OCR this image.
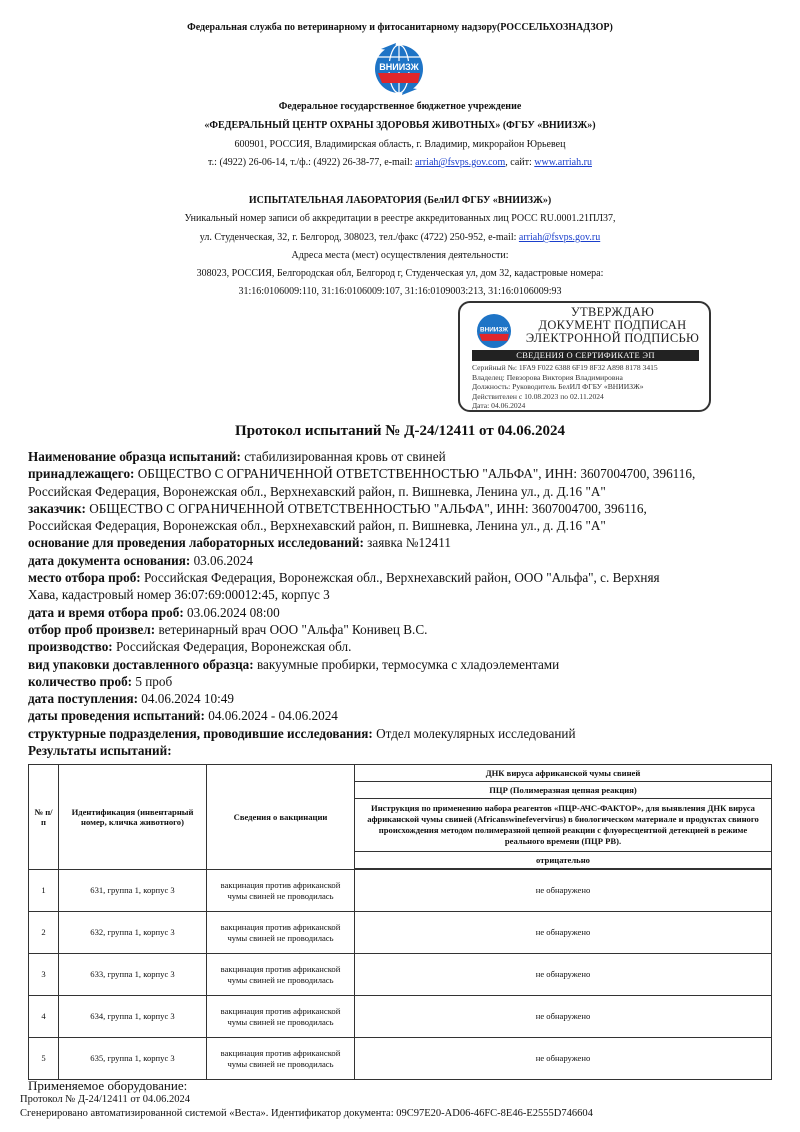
Федеральная служба по ветеринарному и фитосанитарному надзору(РОССЕЛЬХОЗНАДЗОР)
ВНИИЗЖ
Федеральное государственное бюджетное учреждение
«ФЕДЕРАЛЬНЫЙ ЦЕНТР ОХРАНЫ ЗДОРОВЬЯ ЖИВОТНЫХ» (ФГБУ «ВНИИЗЖ»)
600901, РОССИЯ, Владимирская область, г. Владимир, микрорайон Юрьевец
т.: (4922) 26-06-14, т./ф.: (4922) 26-38-77, e-mail: arriah@fsvps.gov.com, сайт: www.arriah.ru
ИСПЫТАТЕЛЬНАЯ ЛАБОРАТОРИЯ (БелИЛ ФГБУ «ВНИИЗЖ»)
Уникальный номер записи об аккредитации в реестре аккредитованных лиц РОСС RU.0001.21ПЛ37,
ул. Студенческая, 32, г. Белгород, 308023, тел./факс (4722) 250-952, e-mail: arriah@fsvps.gov.ru
Адреса места (мест) осуществления деятельности:
308023, РОССИЯ, Белгородская обл, Белгород г, Студенческая ул, дом 32, кадастровые номера:
31:16:0106009:110, 31:16:0106009:107, 31:16:0109003:213, 31:16:0106009:93
ВНИИЗЖ
УТВЕРЖДАЮ
ДОКУМЕНТ ПОДПИСАН
ЭЛЕКТРОННОЙ ПОДПИСЬЮ
СВЕДЕНИЯ О СЕРТИФИКАТЕ ЭП
Серийный №: 1FA9 F022 6388 6F19 8F32 A898 8178 3415
Владелец: Певзорова Виктория Владимировна
Должность: Руководитель БелИЛ ФГБУ «ВНИИЗЖ»
Действителен с 10.08.2023 по 02.11.2024
Дата: 04.06.2024
Протокол испытаний № Д-24/12411 от 04.06.2024
Наименование образца испытаний: стабилизированная кровь от свиней
принадлежащего: ОБЩЕСТВО С ОГРАНИЧЕННОЙ ОТВЕТСТВЕННОСТЬЮ "АЛЬФА", ИНН: 3607004700, 396116,
Российская Федерация, Воронежская обл., Верхнехавский район, п. Вишневка, Ленина ул., д. Д.16 "А"
заказчик: ОБЩЕСТВО С ОГРАНИЧЕННОЙ ОТВЕТСТВЕННОСТЬЮ "АЛЬФА", ИНН: 3607004700, 396116,
Российская Федерация, Воронежская обл., Верхнехавский район, п. Вишневка, Ленина ул., д. Д.16 "А"
основание для проведения лабораторных исследований: заявка №12411
дата документа основания: 03.06.2024
место отбора проб: Российская Федерация, Воронежская обл., Верхнехавский район, ООО "Альфа", с. Верхняя
Хава, кадастровый номер 36:07:69:00012:45, корпус 3
дата и время отбора проб: 03.06.2024 08:00
отбор проб произвел: ветеринарный врач ООО "Альфа" Конивец В.С.
производство: Российская Федерация, Воронежская обл.
вид упаковки доставленного образца: вакуумные пробирки, термосумка с хладоэлементами
количество проб: 5 проб
дата поступления: 04.06.2024 10:49
даты проведения испытаний: 04.06.2024 - 04.06.2024
структурные подразделения, проводившие исследования: Отдел молекулярных исследований
Результаты испытаний:
№ п/п	Идентификация (инвентарный номер, кличка животного)	Сведения о вакцинации	ДНК вируса африканской чумы свиней
			ПЦР (Полимеразная цепная реакция)
			Инструкция по применению набора реагентов «ПЦР-АЧС-ФАКТОР», для выявления ДНК вируса африканской чумы свиней (Africanswinefevervirus) в биологическом материале и продуктах свиного происхождения методом полимеразной цепной реакции с флуоресцентной детекцией в режиме реального времени (ПЦР РВ).
			отрицательно

1	631, группа 1, корпус 3	вакцинация против африканской чумы свиней не проводилась	не обнаружено
2	632, группа 1, корпус 3	вакцинация против африканской чумы свиней не проводилась	не обнаружено
3	633, группа 1, корпус 3	вакцинация против африканской чумы свиней не проводилась	не обнаружено
4	634, группа 1, корпус 3	вакцинация против африканской чумы свиней не проводилась	не обнаружено
5	635, группа 1, корпус 3	вакцинация против африканской чумы свиней не проводилась	не обнаружено
Применяемое оборудование:
Протокол № Д-24/12411 от 04.06.2024
Сгенерировано автоматизированной системой «Веста». Идентификатор документа: 09C97E20-AD06-46FC-8E46-E2555D746604
